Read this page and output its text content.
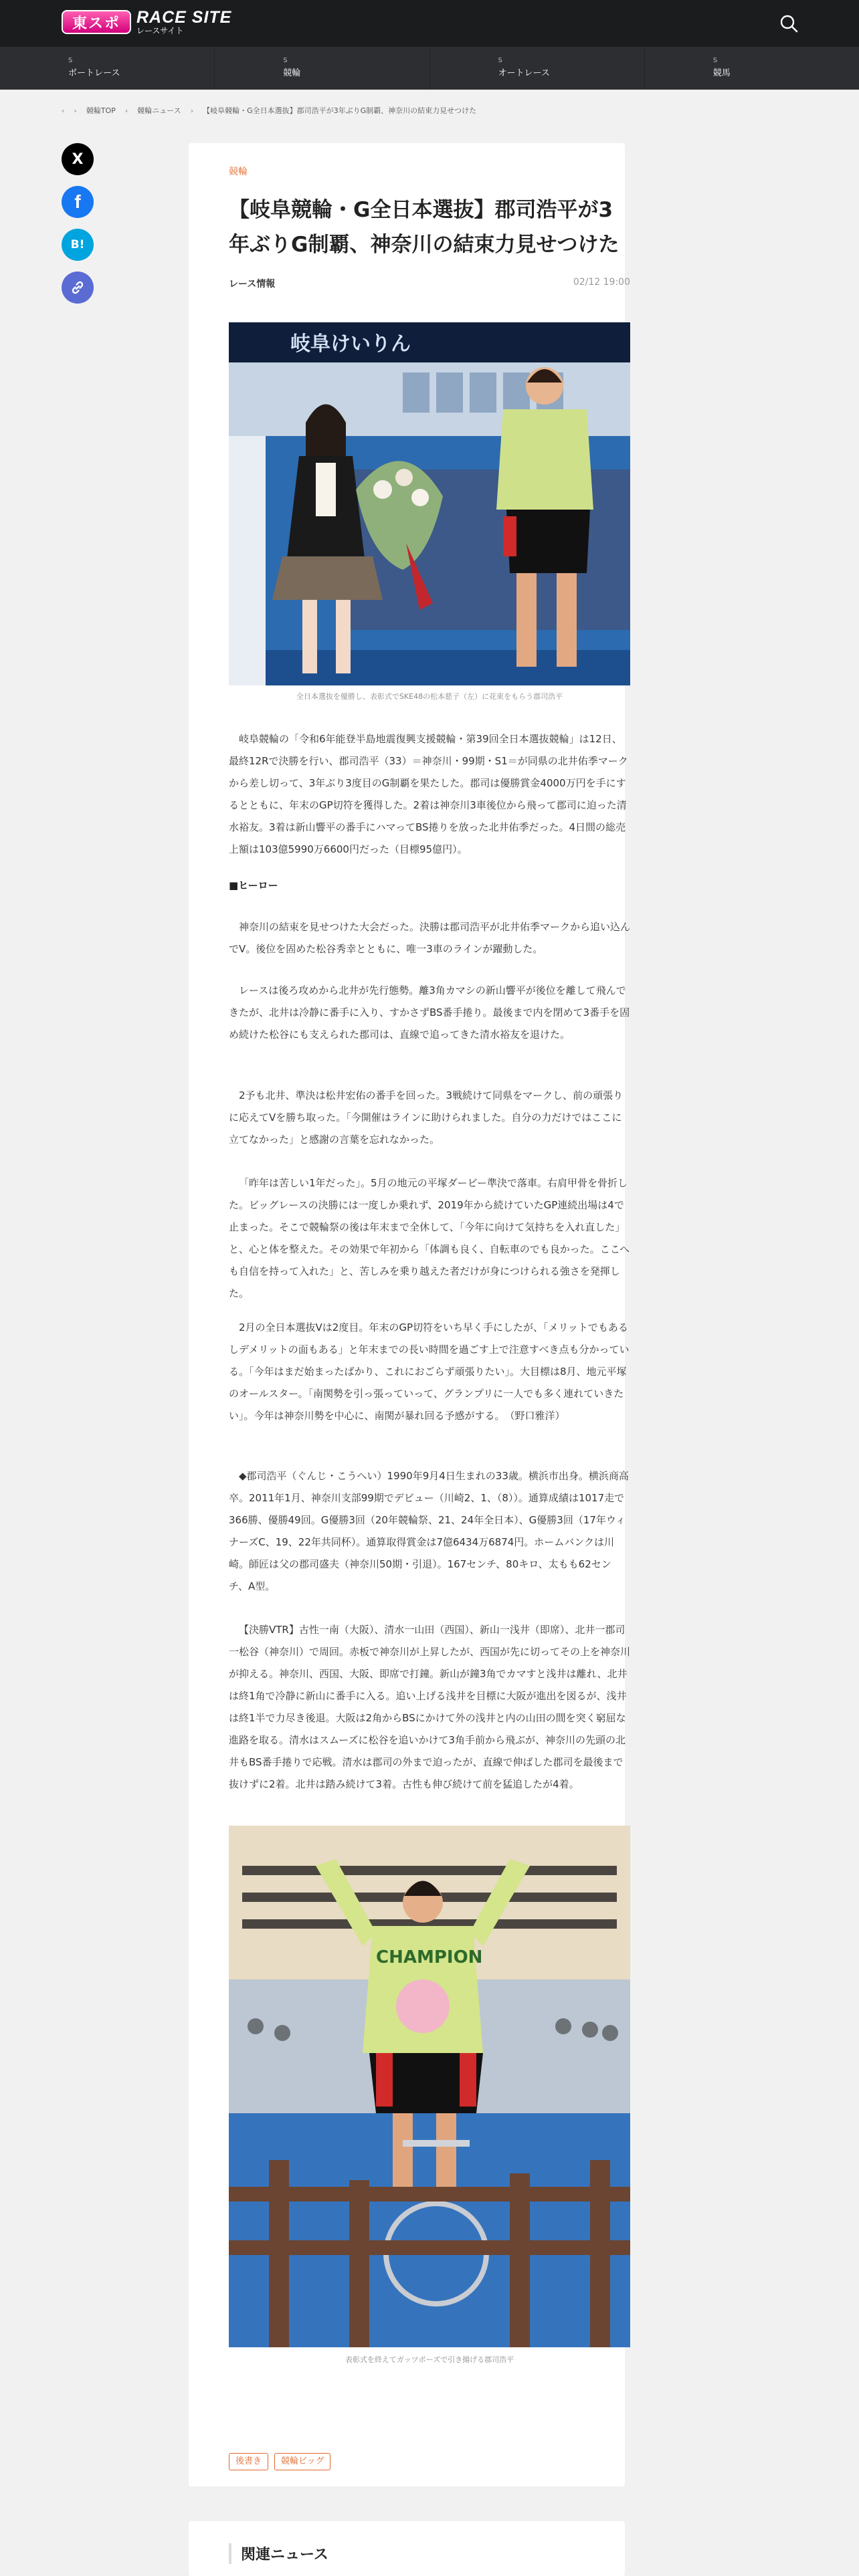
東スポ RACE SITE
レースサイト
S
ボートレース
S
競輪
S
オートレース
S
競馬
‹ › 競輪TOP › 競輪ニュース › 【岐阜競輪・G全日本選抜】郡司浩平が3年ぶりG制覇、神奈川の結束力見せつけた
X
f
B!
競輪
【岐阜競輪・G全日本選抜】郡司浩平が3年ぶりG制覇、神奈川の結束力見せつけた
レース情報	02/12 19:00
岐阜けいりん
全日本選抜を優勝し、表彰式でSKE48の松本慈子（左）に花束をもらう郡司浩平

岐阜競輪の「令和6年能登半島地震復興支援競輪・第39回全日本選抜競輪」は12日、最終12Rで決勝を行い、郡司浩平（33）＝神奈川・99期・S1＝が同県の北井佑季マークから差し切って、3年ぶり3度目のG制覇を果たした。郡司は優勝賞金4000万円を手にするとともに、年末のGP切符を獲得した。2着は神奈川3車後位から飛って郡司に迫った清水裕友。3着は新山響平の番手にハマってBS捲りを放った北井佑季だった。4日間の総売上額は103億5990万6600円だった（目標95億円）。

■ヒーロー

神奈川の結束を見せつけた大会だった。決勝は郡司浩平が北井佑季マークから追い込んでV。後位を固めた松谷秀幸とともに、唯一3車のラインが躍動した。

レースは後ろ攻めから北井が先行態勢。離3角カマシの新山響平が後位を離して飛んできたが、北井は冷静に番手に入り、すかさずBS番手捲り。最後まで内を閉めて3番手を固め続けた松谷にも支えられた郡司は、直線で追ってきた清水裕友を退けた。

2予も北井、準決は松井宏佑の番手を回った。3戦続けて同県をマークし、前の頑張りに応えてVを勝ち取った。「今開催はラインに助けられました。自分の力だけではここに立てなかった」と感謝の言葉を忘れなかった。

「昨年は苦しい1年だった」。5月の地元の平塚ダービー準決で落車。右肩甲骨を骨折した。ビッグレースの決勝には一度しか乗れず、2019年から続けていたGP連続出場は4で止まった。そこで競輪祭の後は年末まで全休して、「今年に向けて気持ちを入れ直した」と、心と体を整えた。その効果で年初から「体調も良く、自転車のでも良かった。ここへも自信を持って入れた」と、苦しみを乗り越えた者だけが身につけられる強さを発揮した。

2月の全日本選抜Vは2度目。年末のGP切符をいち早く手にしたが、「メリットでもあるしデメリットの面もある」と年末までの長い時間を過ごす上で注意すべき点も分かっている。「今年はまだ始まったばかり、これにおごらず頑張りたい」。大目標は8月、地元平塚のオールスター。「南関勢を引っ張っていって、グランプリに一人でも多く連れていきたい」。今年は神奈川勢を中心に、南関が暴れ回る予感がする。　（野口雅洋）

◆郡司浩平（ぐんじ・こうへい）1990年9月4日生まれの33歳。横浜市出身。横浜商高卒。2011年1月、神奈川支部99期でデビュー（川崎2、1、（8））。通算成績は1017走で366勝、優勝49回。G優勝3回（20年競輪祭、21、24年全日本）、G優勝3回（17年ウィナーズC、19、22年共同杯）。通算取得賞金は7億6434万6874円。ホームバンクは川崎。師匠は父の郡司盛夫（神奈川50期・引退）。167センチ、80キロ、太もも62センチ、A型。

【決勝VTR】古性一南（大阪）、清水一山田（西国）、新山一浅井（即席）、北井一郡司一松谷（神奈川）で周回。赤板で神奈川が上昇したが、西国が先に切ってその上を神奈川が抑える。神奈川、西国、大阪、即席で打鐘。新山が鐘3角でカマすと浅井は離れ、北井は終1角で冷静に新山に番手に入る。追い上げる浅井を目標に大阪が進出を図るが、浅井は終1半で力尽き後退。大阪は2角からBSにかけて外の浅井と内の山田の間を突く窮屈な進路を取る。清水はスムーズに松谷を追いかけて3角手前から飛ぶが、神奈川の先頭の北井もBS番手捲りで応戦。清水は郡司の外まで迫ったが、直線で伸ばした郡司を最後まで抜けずに2着。北井は踏み続けて3着。古性も伸び続けて前を猛追したが4着。

CHAMPION
表彰式を終えてガッツポーズで引き揚げる郡司浩平
後書き	競輪ビッグ
関連ニュース
